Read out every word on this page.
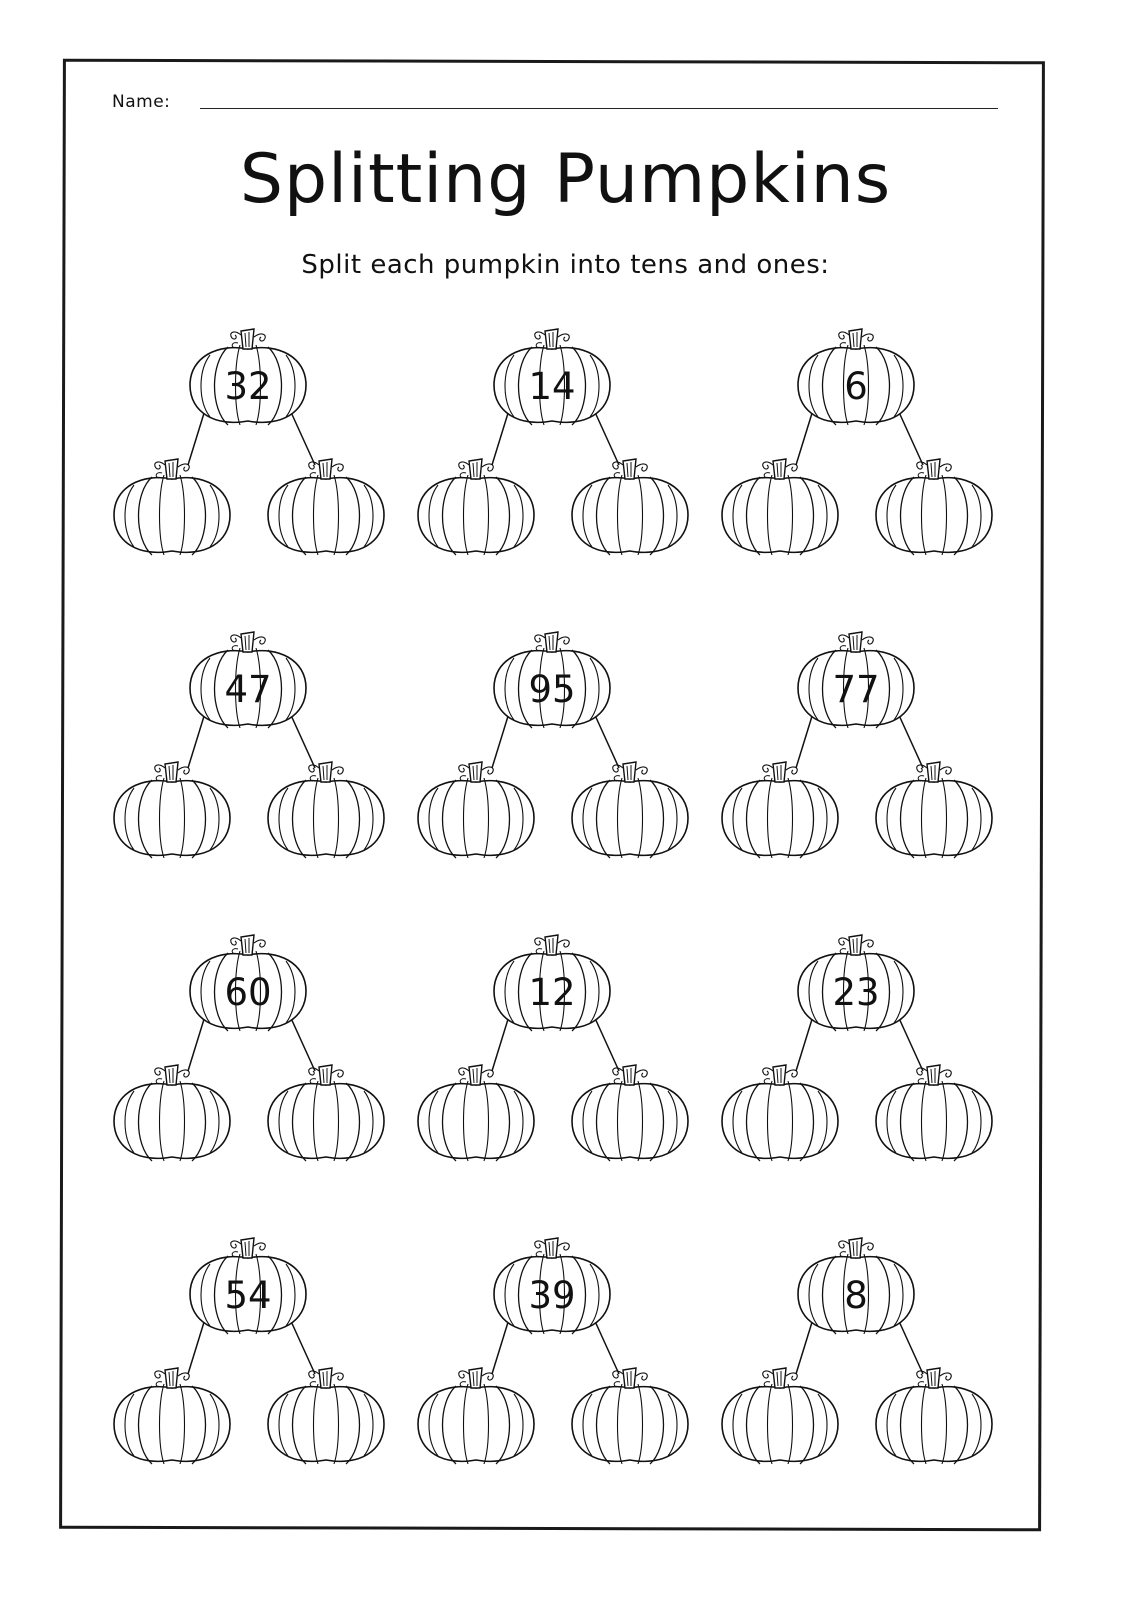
Name:
Splitting Pumpkins
Split each pumpkin into tens and ones:
32	14	6
47	95	77
60	12	23
54	39	8
